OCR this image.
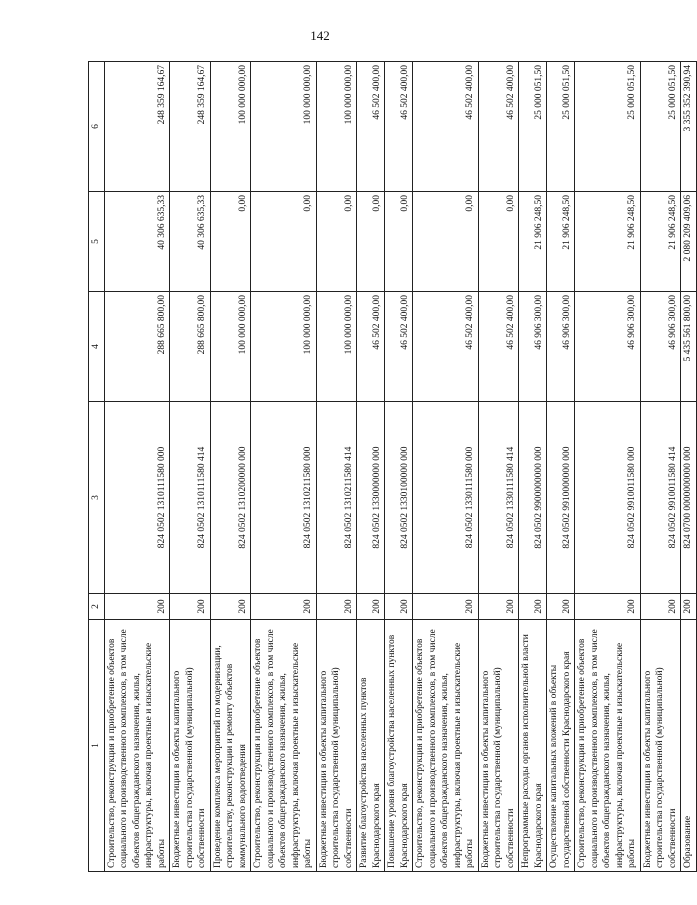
142
1	2	3	4	5	6
Строительство, реконструкция и приобретение объектов социального и производственного комплексов, в том числе объектов общегражданского назначения, жилья, инфраструктуры, включая проектные и изыскательские работы	200	824 0502 1310111580 000	288 665 800,00	40 306 635,33	248 359 164,67
Бюджетные инвестиции в объекты капитального строительства государственной (муниципальной) собственности	200	824 0502 1310111580 414	288 665 800,00	40 306 635,33	248 359 164,67
Проведение комплекса мероприятий по модернизации, строительству, реконструкции и ремонту объектов коммунального водоотведения	200	824 0502 1310200000 000	100 000 000,00	0,00	100 000 000,00
Строительство, реконструкция и приобретение объектов социального и производственного комплексов, в том числе объектов общегражданского назначения, жилья, инфраструктуры, включая проектные и изыскательские работы	200	824 0502 1310211580 000	100 000 000,00	0,00	100 000 000,00
Бюджетные инвестиции в объекты капитального строительства государственной (муниципальной) собственности	200	824 0502 1310211580 414	100 000 000,00	0,00	100 000 000,00
Развитие благоустройства населенных пунктов Краснодарского края	200	824 0502 1330000000 000	46 502 400,00	0,00	46 502 400,00
Повышение уровня благоустройства населенных пунктов Краснодарского края	200	824 0502 1330100000 000	46 502 400,00	0,00	46 502 400,00
Строительство, реконструкция и приобретение объектов социального и производственного комплексов, в том числе объектов общегражданского назначения, жилья, инфраструктуры, включая проектные и изыскательские работы	200	824 0502 1330111580 000	46 502 400,00	0,00	46 502 400,00
Бюджетные инвестиции в объекты капитального строительства государственной (муниципальной) собственности	200	824 0502 1330111580 414	46 502 400,00	0,00	46 502 400,00
Непрограммные расходы органов исполнительной власти Краснодарского края	200	824 0502 9900000000 000	46 906 300,00	21 906 248,50	25 000 051,50
Осуществление капитальных вложений в объекты государственной собственности Краснодарского края	200	824 0502 9910000000 000	46 906 300,00	21 906 248,50	25 000 051,50
Строительство, реконструкция и приобретение объектов социального и производственного комплексов, в том числе объектов общегражданского назначения, жилья, инфраструктуры, включая проектные и изыскательские работы	200	824 0502 9910011580 000	46 906 300,00	21 906 248,50	25 000 051,50
Бюджетные инвестиции в объекты капитального строительства государственной (муниципальной) собственности	200	824 0502 9910011580 414	46 906 300,00	21 906 248,50	25 000 051,50
Образование	200	824 0700 0000000000 000	5 435 561 800,00	2 080 209 409,06	3 355 352 390,94
